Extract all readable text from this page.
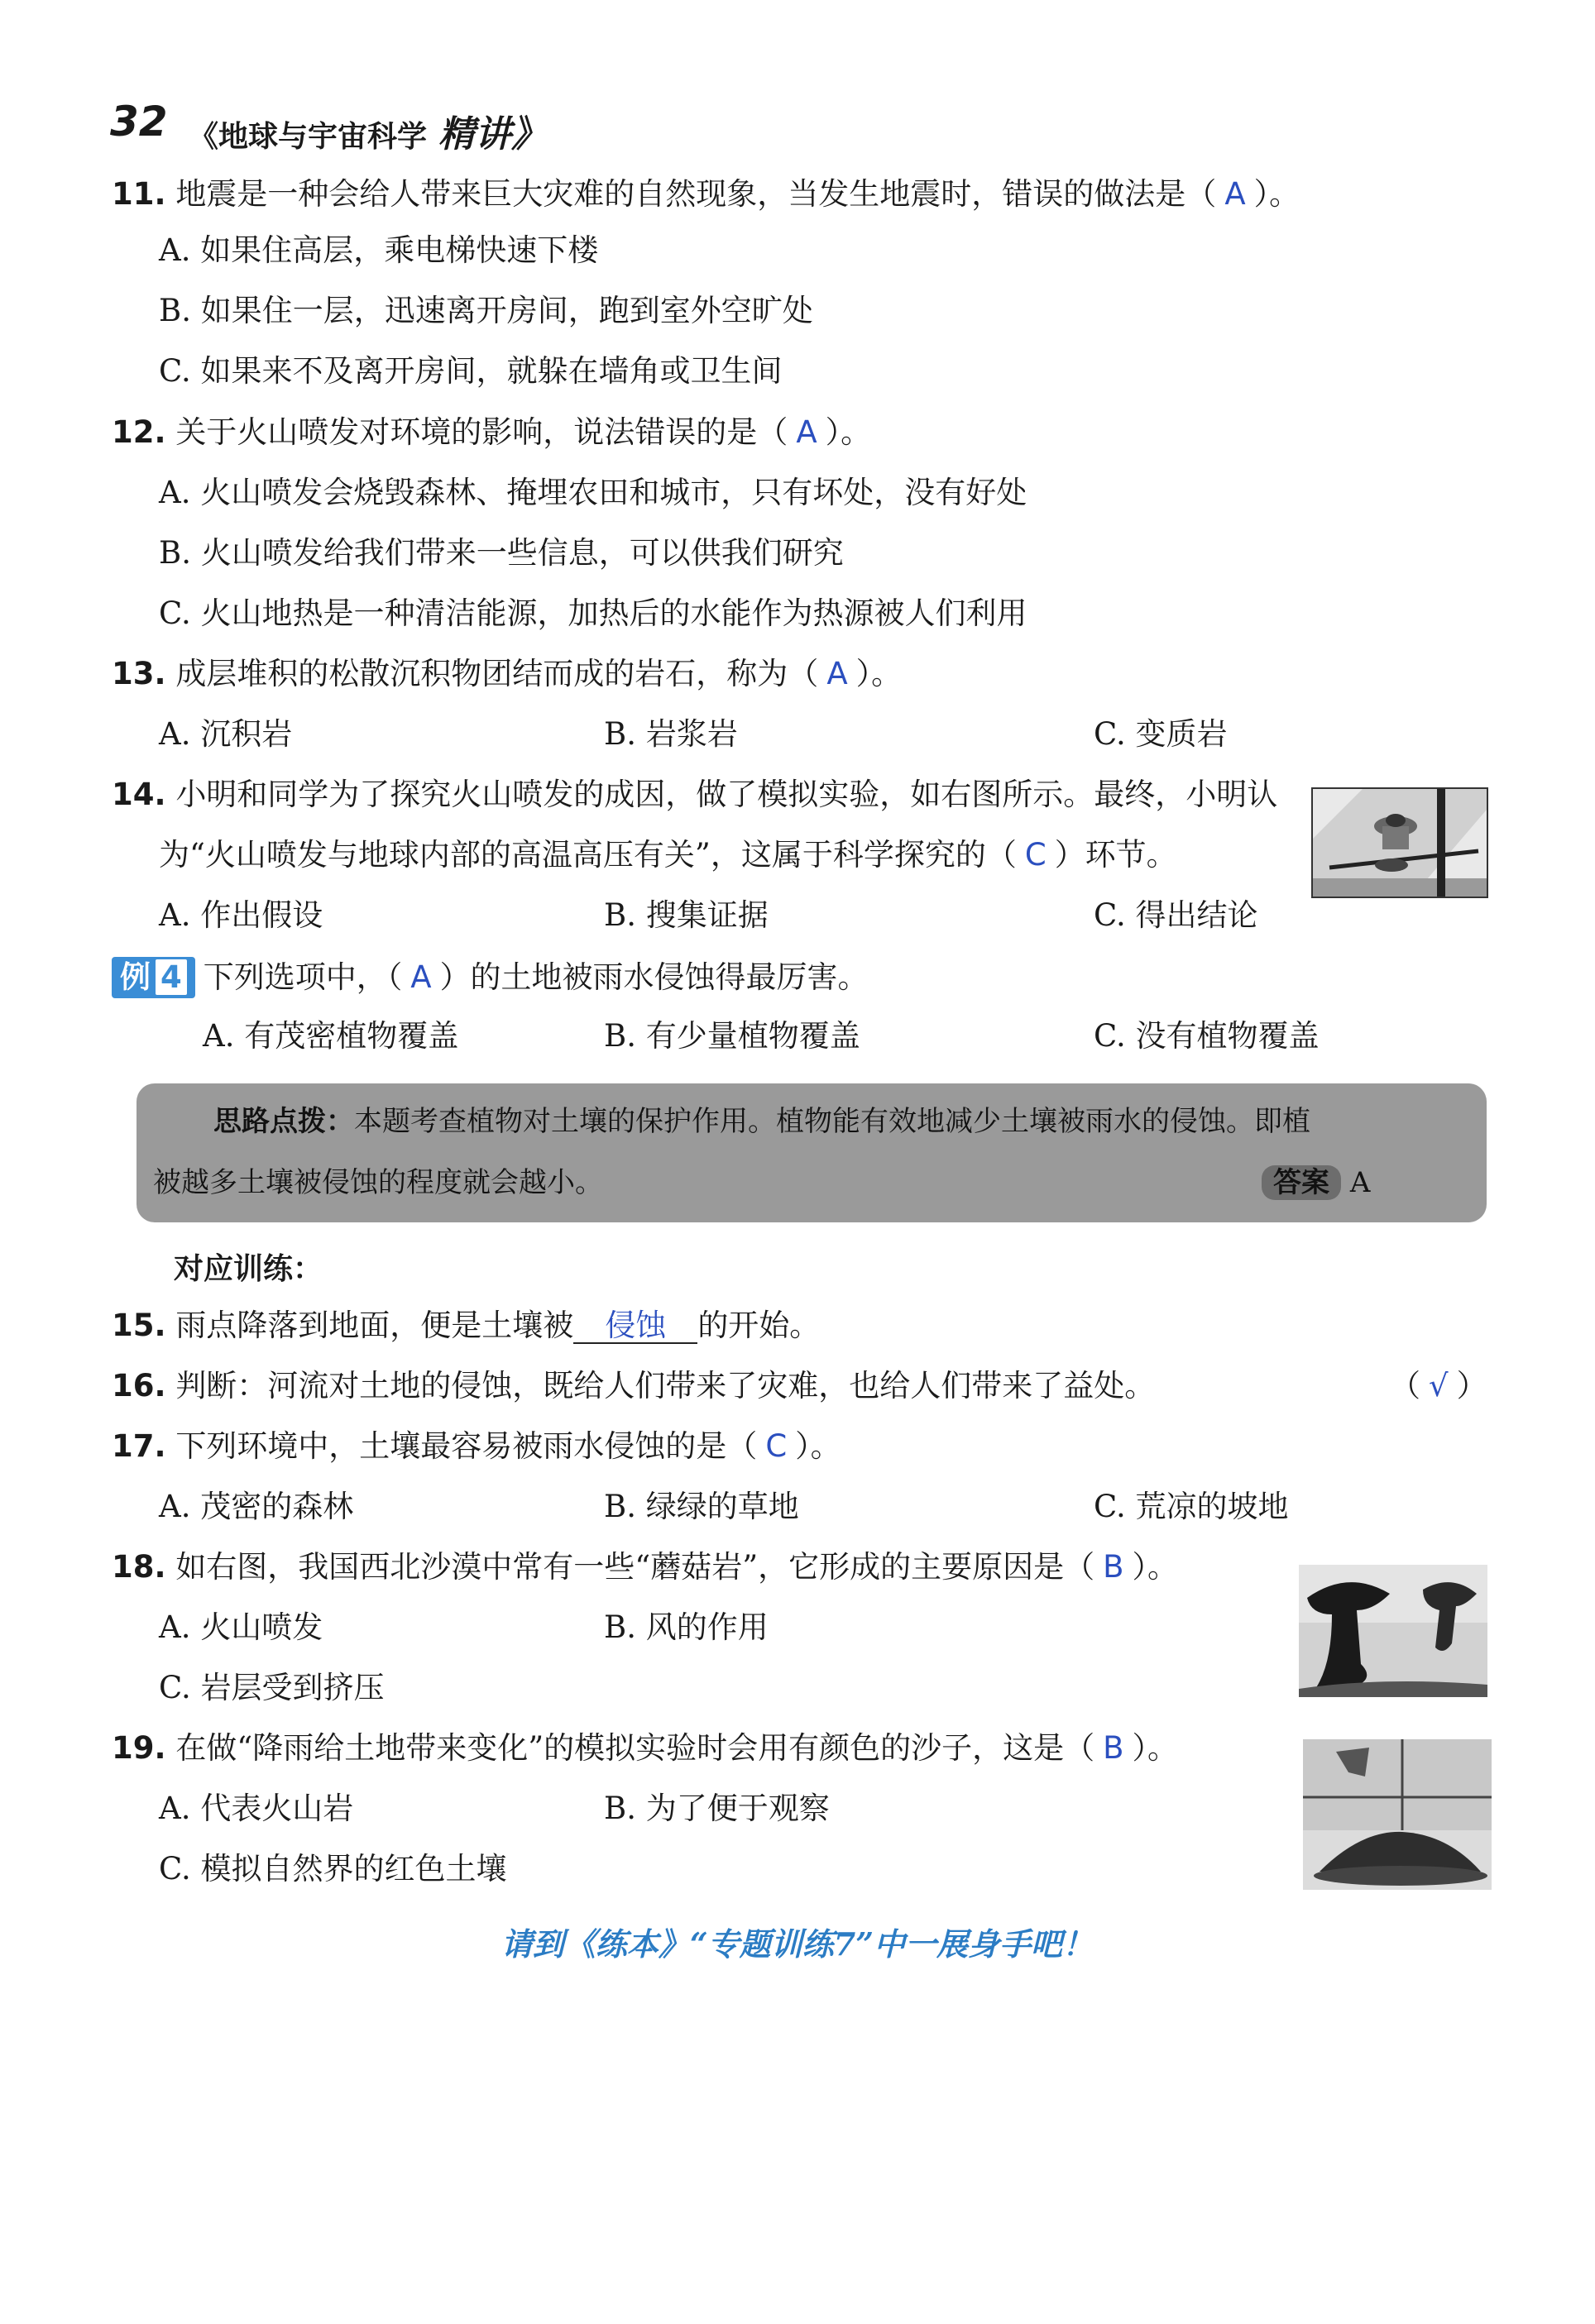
32 《地球与宇宙科学 精讲》
11. 地震是一种会给人带来巨大灾难的自然现象，当发生地震时，错误的做法是（ A ）。
A. 如果住高层，乘电梯快速下楼
B. 如果住一层，迅速离开房间，跑到室外空旷处
C. 如果来不及离开房间，就躲在墙角或卫生间
12. 关于火山喷发对环境的影响，说法错误的是（ A ）。
A. 火山喷发会烧毁森林、掩埋农田和城市，只有坏处，没有好处
B. 火山喷发给我们带来一些信息，可以供我们研究
C. 火山地热是一种清洁能源，加热后的水能作为热源被人们利用
13. 成层堆积的松散沉积物团结而成的岩石，称为（ A ）。
A. 沉积岩	B. 岩浆岩	C. 变质岩
14. 小明和同学为了探究火山喷发的成因，做了模拟实验，如右图所示。最终，小明认
为“火山喷发与地球内部的高温高压有关”，这属于科学探究的（ C ）环节。
A. 作出假设	B. 搜集证据	C. 得出结论
例 4 下列选项中，（ A ）的土地被雨水侵蚀得最厉害。
A. 有茂密植物覆盖	B. 有少量植物覆盖	C. 没有植物覆盖
思路点拨：本题考查植物对土壤的保护作用。植物能有效地减少土壤被雨水的侵蚀。即植
被越多土壤被侵蚀的程度就会越小。	答案 A
对应训练：
15. 雨点降落到地面，便是土壤被 侵蚀 的开始。
16. 判断：河流对土地的侵蚀，既给人们带来了灾难，也给人们带来了益处。	（ √ ）
17. 下列环境中，土壤最容易被雨水侵蚀的是（ C ）。
A. 茂密的森林	B. 绿绿的草地	C. 荒凉的坡地
18. 如右图，我国西北沙漠中常有一些“蘑菇岩”，它形成的主要原因是（ B ）。
A. 火山喷发	B. 风的作用
C. 岩层受到挤压
19. 在做“降雨给土地带来变化”的模拟实验时会用有颜色的沙子，这是（ B ）。
A. 代表火山岩	B. 为了便于观察
C. 模拟自然界的红色土壤
请到《练本》“专题训练7”中一展身手吧！
